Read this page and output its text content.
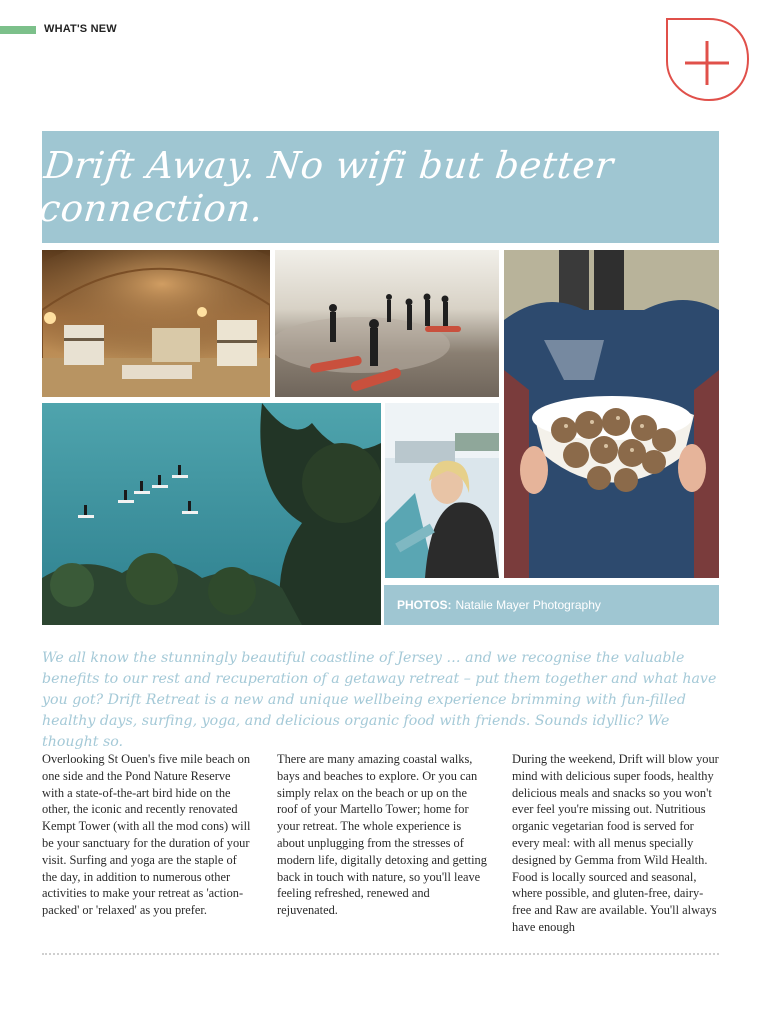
WHAT'S NEW
Drift Away. No wifi but better connection.
PHOTOS: Natalie Mayer Photography

We all know the stunningly beautiful coastline of Jersey … and we recognise the valuable benefits to our rest and recuperation of a getaway retreat – put them together and what have you got? Drift Retreat is a new and unique wellbeing experience brimming with fun-filled healthy days, surfing, yoga, and delicious organic food with friends. Sounds idyllic? We thought so.

Overlooking St Ouen's five mile beach on one side and the Pond Nature Reserve with a state-of-the-art bird hide on the other, the iconic and recently renovated Kempt Tower (with all the mod cons) will be your sanctuary for the duration of your visit. Surfing and yoga are the staple of the day, in addition to numerous other activities to make your retreat as 'action-packed' or 'relaxed' as you prefer.

There are many amazing coastal walks, bays and beaches to explore. Or you can simply relax on the beach or up on the roof of your Martello Tower; home for your retreat. The whole experience is about unplugging from the stresses of modern life, digitally detoxing and getting back in touch with nature, so you'll leave feeling refreshed, renewed and rejuvenated.

During the weekend, Drift will blow your mind with delicious super foods, healthy delicious meals and snacks so you won't ever feel you're missing out. Nutritious organic vegetarian food is served for every meal: with all menus specially designed by Gemma from Wild Health. Food is locally sourced and seasonal, where possible, and gluten-free, dairy-free and Raw are available. You'll always have enough
